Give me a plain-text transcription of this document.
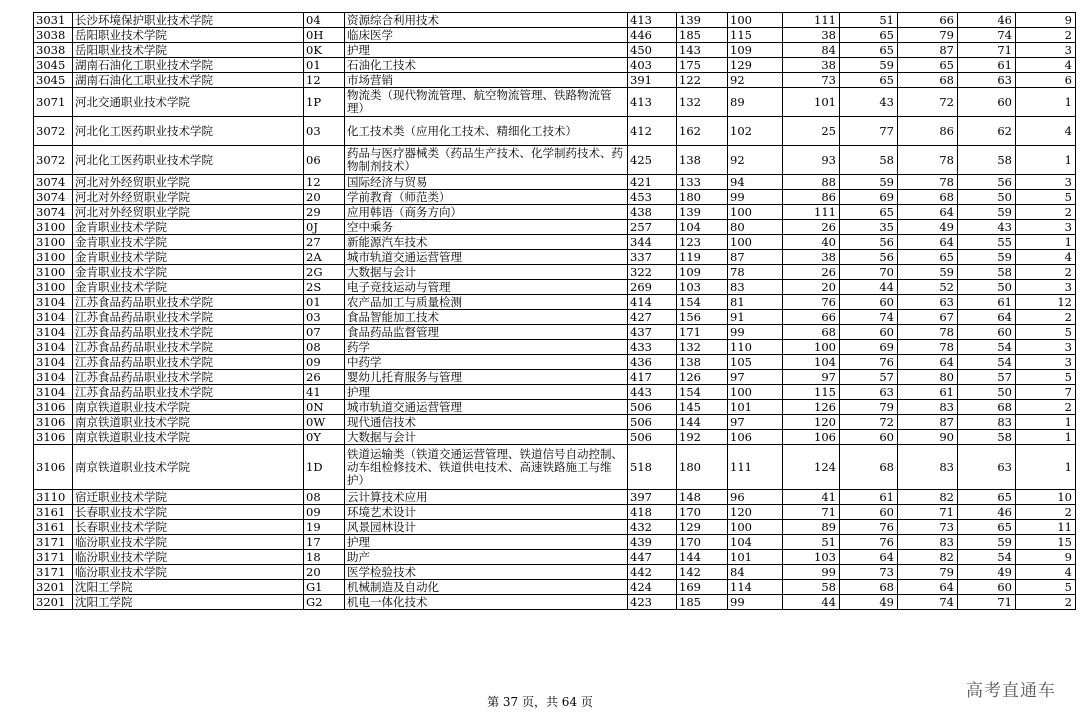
3031	长沙环境保护职业技术学院	04	资源综合利用技术	413	139	100	111	51	66	46	9
3038	岳阳职业技术学院	0H	临床医学	446	185	115	38	65	79	74	2
3038	岳阳职业技术学院	0K	护理	450	143	109	84	65	87	71	3
3045	湖南石油化工职业技术学院	01	石油化工技术	403	175	129	38	59	65	61	4
3045	湖南石油化工职业技术学院	12	市场营销	391	122	92	73	65	68	63	6
3071	河北交通职业技术学院	1P	物流类（现代物流管理、航空物流管理、铁路物流管理）	413	132	89	101	43	72	60	1
3072	河北化工医药职业技术学院	03	化工技术类（应用化工技术、精细化工技术）	412	162	102	25	77	86	62	4
3072	河北化工医药职业技术学院	06	药品与医疗器械类（药品生产技术、化学制药技术、药物制剂技术）	425	138	92	93	58	78	58	1
3074	河北对外经贸职业学院	12	国际经济与贸易	421	133	94	88	59	78	56	3
3074	河北对外经贸职业学院	20	学前教育（师范类）	453	180	99	86	69	68	50	5
3074	河北对外经贸职业学院	29	应用韩语（商务方向）	438	139	100	111	65	64	59	2
3100	金肯职业技术学院	0J	空中乘务	257	104	80	26	35	49	43	3
3100	金肯职业技术学院	27	新能源汽车技术	344	123	100	40	56	64	55	1
3100	金肯职业技术学院	2A	城市轨道交通运营管理	337	119	87	38	56	65	59	4
3100	金肯职业技术学院	2G	大数据与会计	322	109	78	26	70	59	58	2
3100	金肯职业技术学院	2S	电子竞技运动与管理	269	103	83	20	44	52	50	3
3104	江苏食品药品职业技术学院	01	农产品加工与质量检测	414	154	81	76	60	63	61	12
3104	江苏食品药品职业技术学院	03	食品智能加工技术	427	156	91	66	74	67	64	2
3104	江苏食品药品职业技术学院	07	食品药品监督管理	437	171	99	68	60	78	60	5
3104	江苏食品药品职业技术学院	08	药学	433	132	110	100	69	78	54	3
3104	江苏食品药品职业技术学院	09	中药学	436	138	105	104	76	64	54	3
3104	江苏食品药品职业技术学院	26	婴幼儿托育服务与管理	417	126	97	97	57	80	57	5
3104	江苏食品药品职业技术学院	41	护理	443	154	100	115	63	61	50	7
3106	南京铁道职业技术学院	0N	城市轨道交通运营管理	506	145	101	126	79	83	68	2
3106	南京铁道职业技术学院	0W	现代通信技术	506	144	97	120	72	87	83	1
3106	南京铁道职业技术学院	0Y	大数据与会计	506	192	106	106	60	90	58	1
3106	南京铁道职业技术学院	1D	铁道运输类（铁道交通运营管理、铁道信号自动控制、动车组检修技术、铁道供电技术、高速铁路施工与维护）	518	180	111	124	68	83	63	1
3110	宿迁职业技术学院	08	云计算技术应用	397	148	96	41	61	82	65	10
3161	长春职业技术学院	09	环境艺术设计	418	170	120	71	60	71	46	2
3161	长春职业技术学院	19	风景园林设计	432	129	100	89	76	73	65	11
3171	临汾职业技术学院	17	护理	439	170	104	51	76	83	59	15
3171	临汾职业技术学院	18	助产	447	144	101	103	64	82	54	9
3171	临汾职业技术学院	20	医学检验技术	442	142	84	99	73	79	49	4
3201	沈阳工学院	G1	机械制造及自动化	424	169	114	58	68	64	60	5
3201	沈阳工学院	G2	机电一体化技术	423	185	99	44	49	74	71	2
第 37 页，共 64 页
高考直通车
